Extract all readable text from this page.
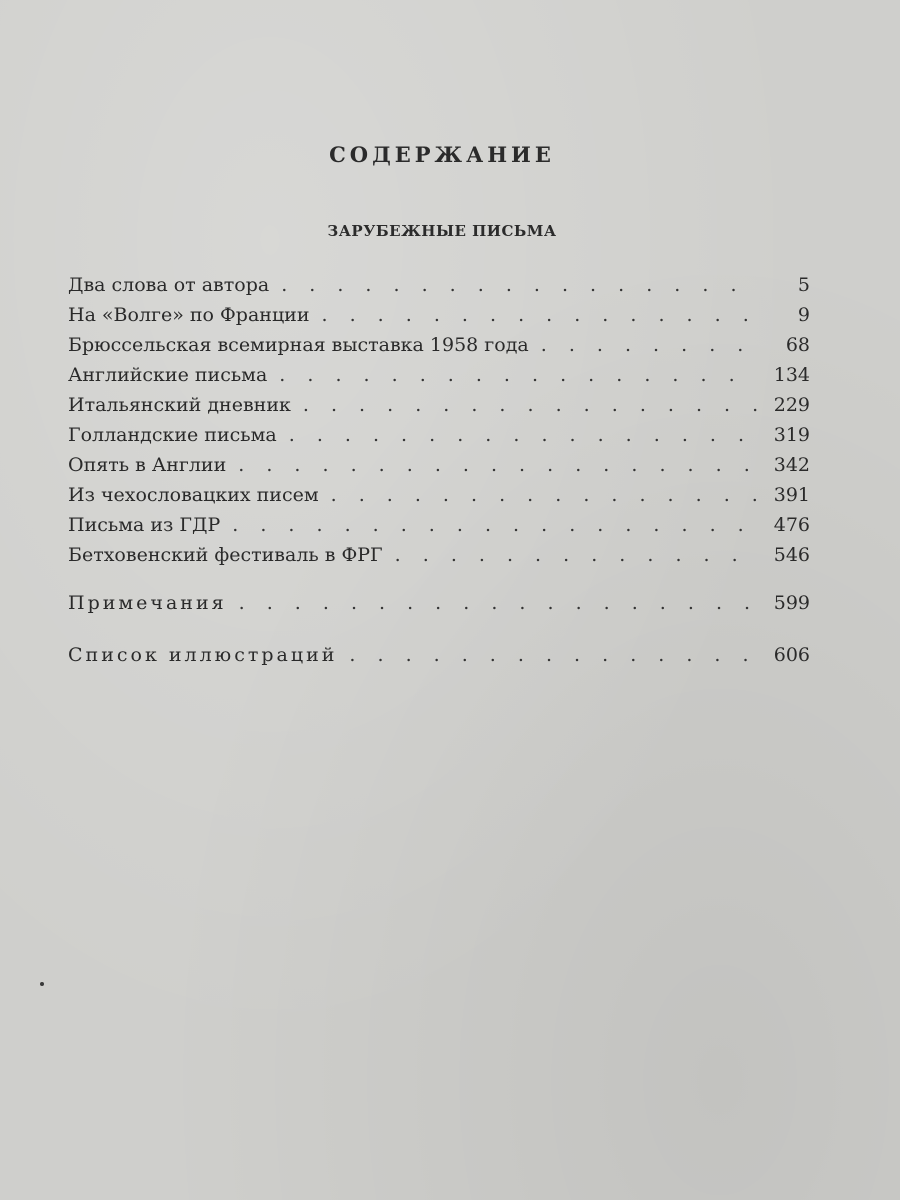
СОДЕРЖАНИЕ
ЗАРУБЕЖНЫЕ ПИСЬМА
Два слова от автора . . .	5
На «Волге» по Франции . . .	9
Брюссельская всемирная выставка 1958 года . . .	68
Английские письма . . .	134
Итальянский дневник . . .	229
Голландские письма . . .	319
Опять в Англии . . .	342
Из чехословацких писем . . .	391
Письма из ГДР . . .	476
Бетховенский фестиваль в ФРГ . . .	546
Примечания . . .	599
Список иллюстраций . . .	606
